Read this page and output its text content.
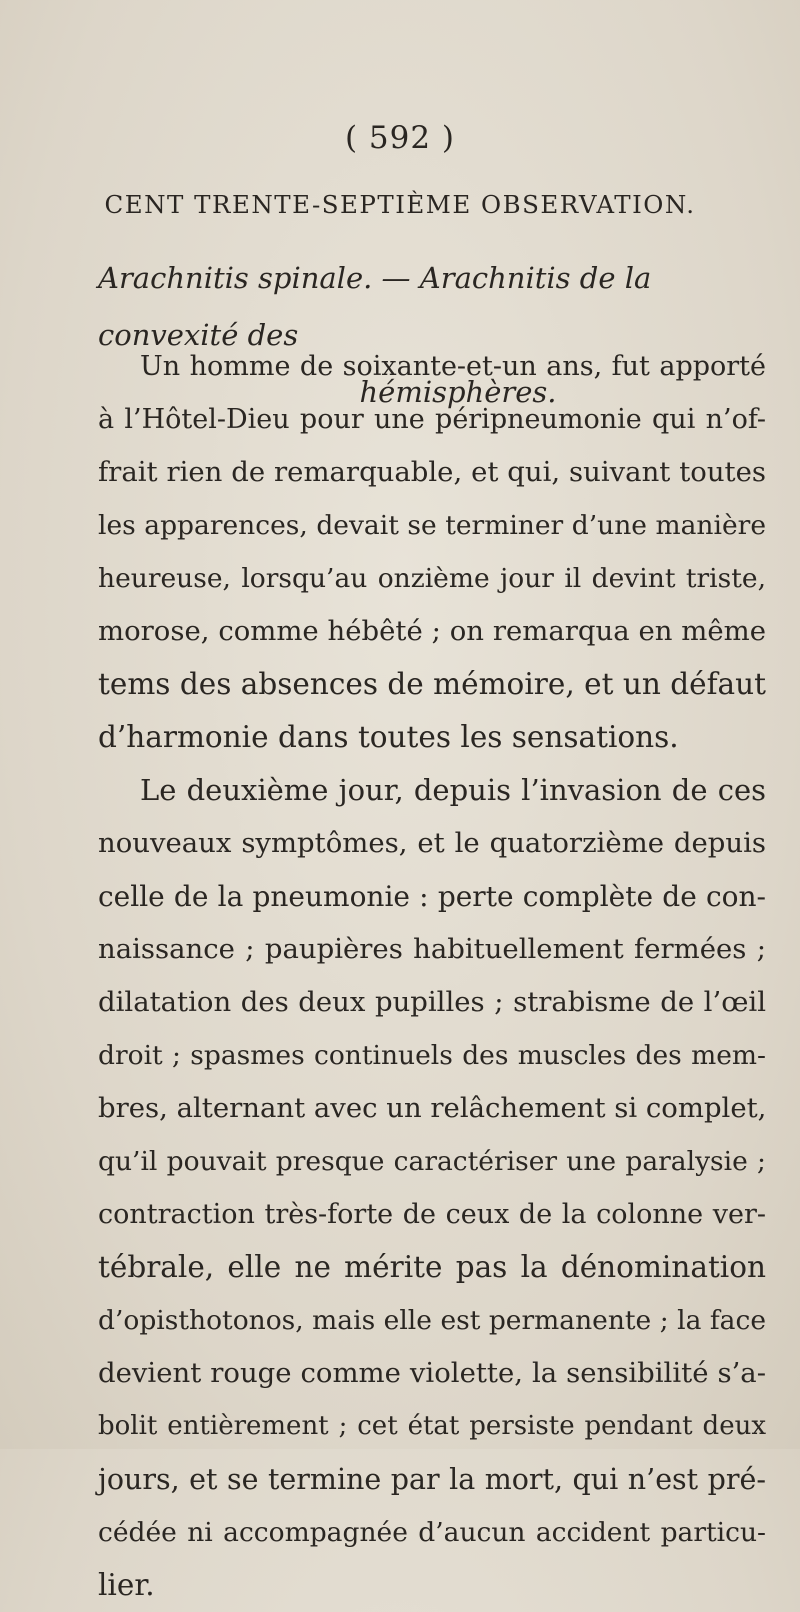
( 592 )
CENT TRENTE-SEPTIÈME OBSERVATION.
Arachnitis spinale. — Arachnitis de la convexité des
hémisphères.
Un homme de soixante-et-un ans, fut apporté
à l’Hôtel-Dieu pour une péripneumonie qui n’of-
frait rien de remarquable, et qui, suivant toutes
les apparences, devait se terminer d’une manière
heureuse, lorsqu’au onzième jour il devint triste,
morose, comme hébêté ; on remarqua en même
tems des absences de mémoire, et un défaut
d’harmonie dans toutes les sensations.
Le deuxième jour, depuis l’invasion de ces
nouveaux symptômes, et le quatorzième depuis
celle de la pneumonie : perte complète de con-
naissance ; paupières habituellement fermées ;
dilatation des deux pupilles ; strabisme de l’œil
droit ; spasmes continuels des muscles des mem-
bres, alternant avec un relâchement si complet,
qu’il pouvait presque caractériser une paralysie ;
contraction très-forte de ceux de la colonne ver-
tébrale, elle ne mérite pas la dénomination
d’opisthotonos, mais elle est permanente ; la face
devient rouge comme violette, la sensibilité s’a-
bolit entièrement ; cet état persiste pendant deux
jours, et se termine par la mort, qui n’est pré-
cédée ni accompagnée d’aucun accident particu-
lier.
